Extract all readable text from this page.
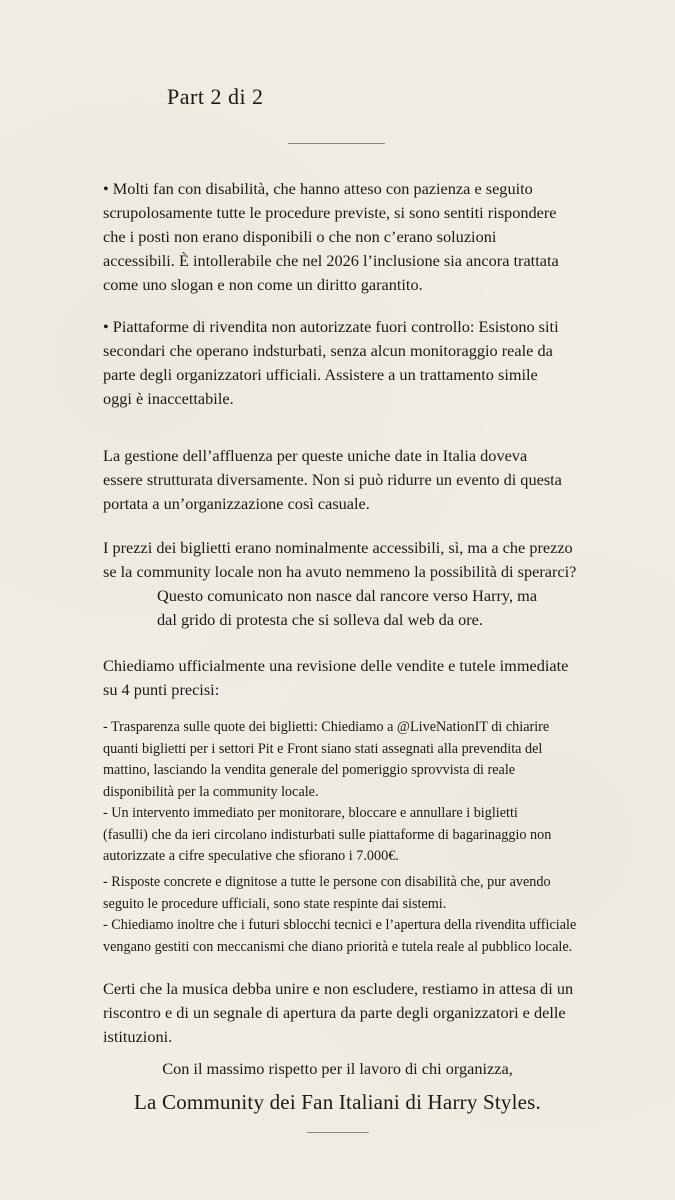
Part 2 di 2

• Molti fan con disabilità, che hanno atteso con pazienza e seguito
scrupolosamente tutte le procedure previste, si sono sentiti rispondere
che i posti non erano disponibili o che non c’erano soluzioni
accessibili. È intollerabile che nel 2026 l’inclusione sia ancora trattata
come uno slogan e non come un diritto garantito.

• Piattaforme di rivendita non autorizzate fuori controllo: Esistono siti
secondari che operano indsturbati, senza alcun monitoraggio reale da
parte degli organizzatori ufficiali. Assistere a un trattamento simile
oggi è inaccettabile.

La gestione dell’affluenza per queste uniche date in Italia doveva
essere strutturata diversamente. Non si può ridurre un evento di questa
portata a un’organizzazione così casuale.

I prezzi dei biglietti erano nominalmente accessibili, sì, ma a che prezzo
se la community locale non ha avuto nemmeno la possibilità di sperarci?
Questo comunicato non nasce dal rancore verso Harry, ma
dal grido di protesta che si solleva dal web da ore.

Chiediamo ufficialmente una revisione delle vendite e tutele immediate
su 4 punti precisi:

- Trasparenza sulle quote dei biglietti: Chiediamo a @LiveNationIT di chiarire
quanti biglietti per i settori Pit e Front siano stati assegnati alla prevendita del
mattino, lasciando la vendita generale del pomeriggio sprovvista di reale
disponibilità per la community locale.
- Un intervento immediato per monitorare, bloccare e annullare i biglietti
(fasulli) che da ieri circolano indisturbati sulle piattaforme di bagarinaggio non
autorizzate a cifre speculative che sfiorano i 7.000€.

- Risposte concrete e dignitose a tutte le persone con disabilità che, pur avendo
seguito le procedure ufficiali, sono state respinte dai sistemi.
- Chiediamo inoltre che i futuri sblocchi tecnici e l’apertura della rivendita ufficiale
vengano gestiti con meccanismi che diano priorità e tutela reale al pubblico locale.

Certi che la musica debba unire e non escludere, restiamo in attesa di un
riscontro e di un segnale di apertura da parte degli organizzatori e delle
istituzioni.

Con il massimo rispetto per il lavoro di chi organizza,

La Community dei Fan Italiani di Harry Styles.
